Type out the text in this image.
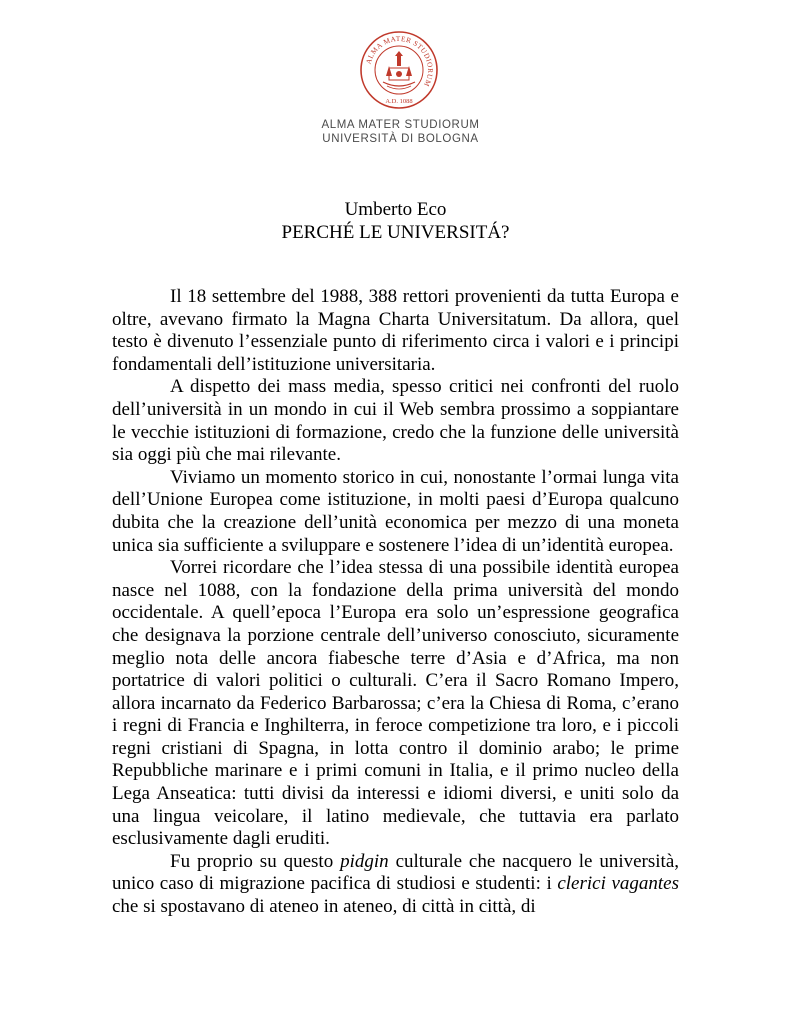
ALMA MATER STUDIORUM
A.D. 1088
ALMA MATER STUDIORUM
UNIVERSITÀ DI BOLOGNA
Umberto Eco
PERCHÉ LE UNIVERSITÁ?

Il 18 settembre del 1988, 388 rettori provenienti da tutta Europa e oltre, avevano firmato la Magna Charta Universitatum. Da allora, quel testo è divenuto l’essenziale punto di riferimento circa i valori e i principi fondamentali dell’istituzione universitaria.

A dispetto dei mass media, spesso critici nei confronti del ruolo dell’università in un mondo in cui il Web sembra prossimo a soppiantare le vecchie istituzioni di formazione, credo che la funzione delle università sia oggi più che mai rilevante.

Viviamo un momento storico in cui, nonostante l’ormai lunga vita dell’Unione Europea come istituzione, in molti paesi d’Europa qualcuno dubita che la creazione dell’unità economica per mezzo di una moneta unica sia sufficiente a sviluppare e sostenere l’idea di un’identità europea.

Vorrei ricordare che l’idea stessa di una possibile identità europea nasce nel 1088, con la fondazione della prima università del mondo occidentale. A quell’epoca l’Europa era solo un’espressione geografica che designava la porzione centrale dell’universo conosciuto, sicuramente meglio nota delle ancora fiabesche terre d’Asia e d’Africa, ma non portatrice di valori politici o culturali. C’era il Sacro Romano Impero, allora incarnato da Federico Barbarossa; c’era la Chiesa di Roma, c’erano i regni di Francia e Inghilterra, in feroce competizione tra loro, e i piccoli regni cristiani di Spagna, in lotta contro il dominio arabo; le prime Repubbliche marinare e i primi comuni in Italia, e il primo nucleo della Lega Anseatica: tutti divisi da interessi e idiomi diversi, e uniti solo da una lingua veicolare, il latino medievale, che tuttavia era parlato esclusivamente dagli eruditi.

Fu proprio su questo pidgin culturale che nacquero le università, unico caso di migrazione pacifica di studiosi e studenti: i clerici vagantes che si spostavano di ateneo in ateneo, di città in città, di
